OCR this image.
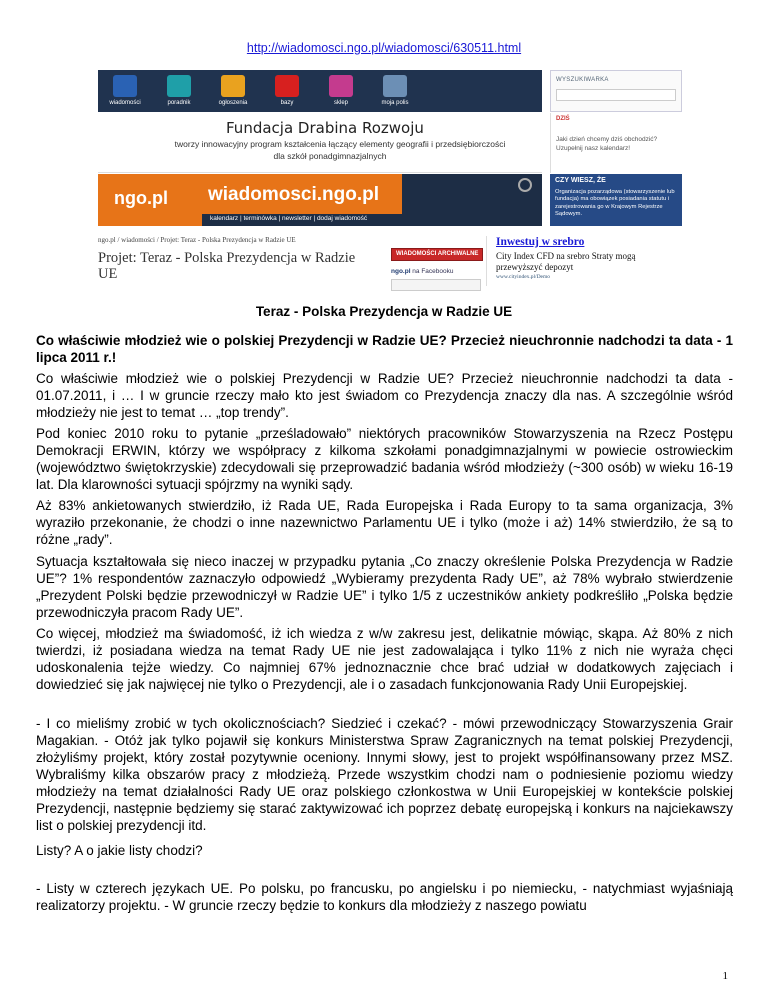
http://wiadomosci.ngo.pl/wiadomosci/630511.html
wiadomości	poradnik	ogłoszenia	bazy	sklep	moja polis
WYSZUKIWARKA
Fundacja Drabina Rozwoju
tworzy innowacyjny program kształcenia łączący elementy geografii i przedsiębiorczości
dla szkół ponadgimnazjalnych
DZIŚ
Jaki dzień chcemy dziś obchodzić? Uzupełnij nasz kalendarz!
ngo.pl wiadomosci.ngo.pl
kalendarz | terminówka | newsletter | dodaj wiadomość
CZY WIESZ, ŻE
Organizacja pozarządowa (stowarzyszenie lub fundacja) ma obowiązek posiadania statutu i zarejestrowania go w Krajowym Rejestrze Sądowym.
ngo.pl / wiadomości / Projet: Teraz - Polska Prezydencja w Radzie UE
Projet: Teraz - Polska Prezydencja w Radzie UE
WIADOMOŚCI ARCHIWALNE
ngo.pl na Facebooku
Inwestuj w srebro
City Index CFD na srebro Straty mogą przewyższyć depozyt
www.cityindex.pl/Demo
Teraz - Polska Prezydencja w Radzie UE

Co właściwie młodzież wie o polskiej Prezydencji w Radzie UE? Przecież nieuchronnie nadchodzi ta data - 1 lipca 2011 r.!

Co właściwie młodzież wie o polskiej Prezydencji w Radzie UE? Przecież nieuchronnie nadchodzi ta data - 01.07.2011, i … I w gruncie rzeczy mało kto jest świadom co Prezydencja znaczy dla nas. A szczególnie wśród młodzieży nie jest to temat … „top trendy”.

Pod koniec 2010 roku to pytanie „prześladowało” niektórych pracowników Stowarzyszenia na Rzecz Postępu Demokracji ERWIN, którzy we współpracy z kilkoma szkołami ponadgimnazjalnymi w powiecie ostrowieckim (województwo świętokrzyskie) zdecydowali się przeprowadzić badania wśród młodzieży (~300 osób) w wieku 16-19 lat. Dla klarowności sytuacji spójrzmy na wyniki sądy.

Aż 83% ankietowanych stwierdziło, iż Rada UE, Rada Europejska i Rada Europy to ta sama organizacja, 3% wyraziło przekonanie, że chodzi o inne nazewnictwo Parlamentu UE i tylko (może i aż) 14% stwierdziło, że są to różne „rady”.

Sytuacja kształtowała się nieco inaczej w przypadku pytania „Co znaczy określenie Polska Prezydencja w Radzie UE”? 1% respondentów zaznaczyło odpowiedź „Wybieramy prezydenta Rady UE”, aż 78% wybrało stwierdzenie „Prezydent Polski będzie przewodniczył w Radzie UE” i tylko 1/5 z uczestników ankiety podkreśliło „Polska będzie przewodniczyła pracom Rady UE”.

Co więcej, młodzież ma świadomość, iż ich wiedza z w/w zakresu jest, delikatnie mówiąc, skąpa. Aż 80% z nich twierdzi, iż posiadana wiedza na temat Rady UE nie jest zadowalająca i tylko 11% z nich nie wyraża chęci udoskonalenia tejże wiedzy. Co najmniej 67% jednoznacznie chce brać udział w dodatkowych zajęciach i dowiedzieć się jak najwięcej nie tylko o Prezydencji, ale i o zasadach funkcjonowania Rady Unii Europejskiej.

- I co mieliśmy zrobić w tych okolicznościach? Siedzieć i czekać? - mówi przewodniczący Stowarzyszenia Grair Magakian. - Otóż jak tylko pojawił się konkurs Ministerstwa Spraw Zagranicznych na temat polskiej Prezydencji, złożyliśmy projekt, który został pozytywnie oceniony. Innymi słowy, jest to projekt współfinansowany przez MSZ. Wybraliśmy kilka obszarów pracy z młodzieżą. Przede wszystkim chodzi nam o podniesienie poziomu wiedzy młodzieży na temat działalności Rady UE oraz polskiego członkostwa w Unii Europejskiej w kontekście polskiej Prezydencji, następnie będziemy się starać zaktywizować ich poprzez debatę europejską i konkurs na najciekawszy list o polskiej prezydencji itd.

Listy? A o jakie listy chodzi?

- Listy w czterech językach UE. Po polsku, po francusku, po angielsku i po niemiecku, - natychmiast wyjaśniają realizatorzy projektu. - W gruncie rzeczy będzie to konkurs dla młodzieży z naszego powiatu

1
